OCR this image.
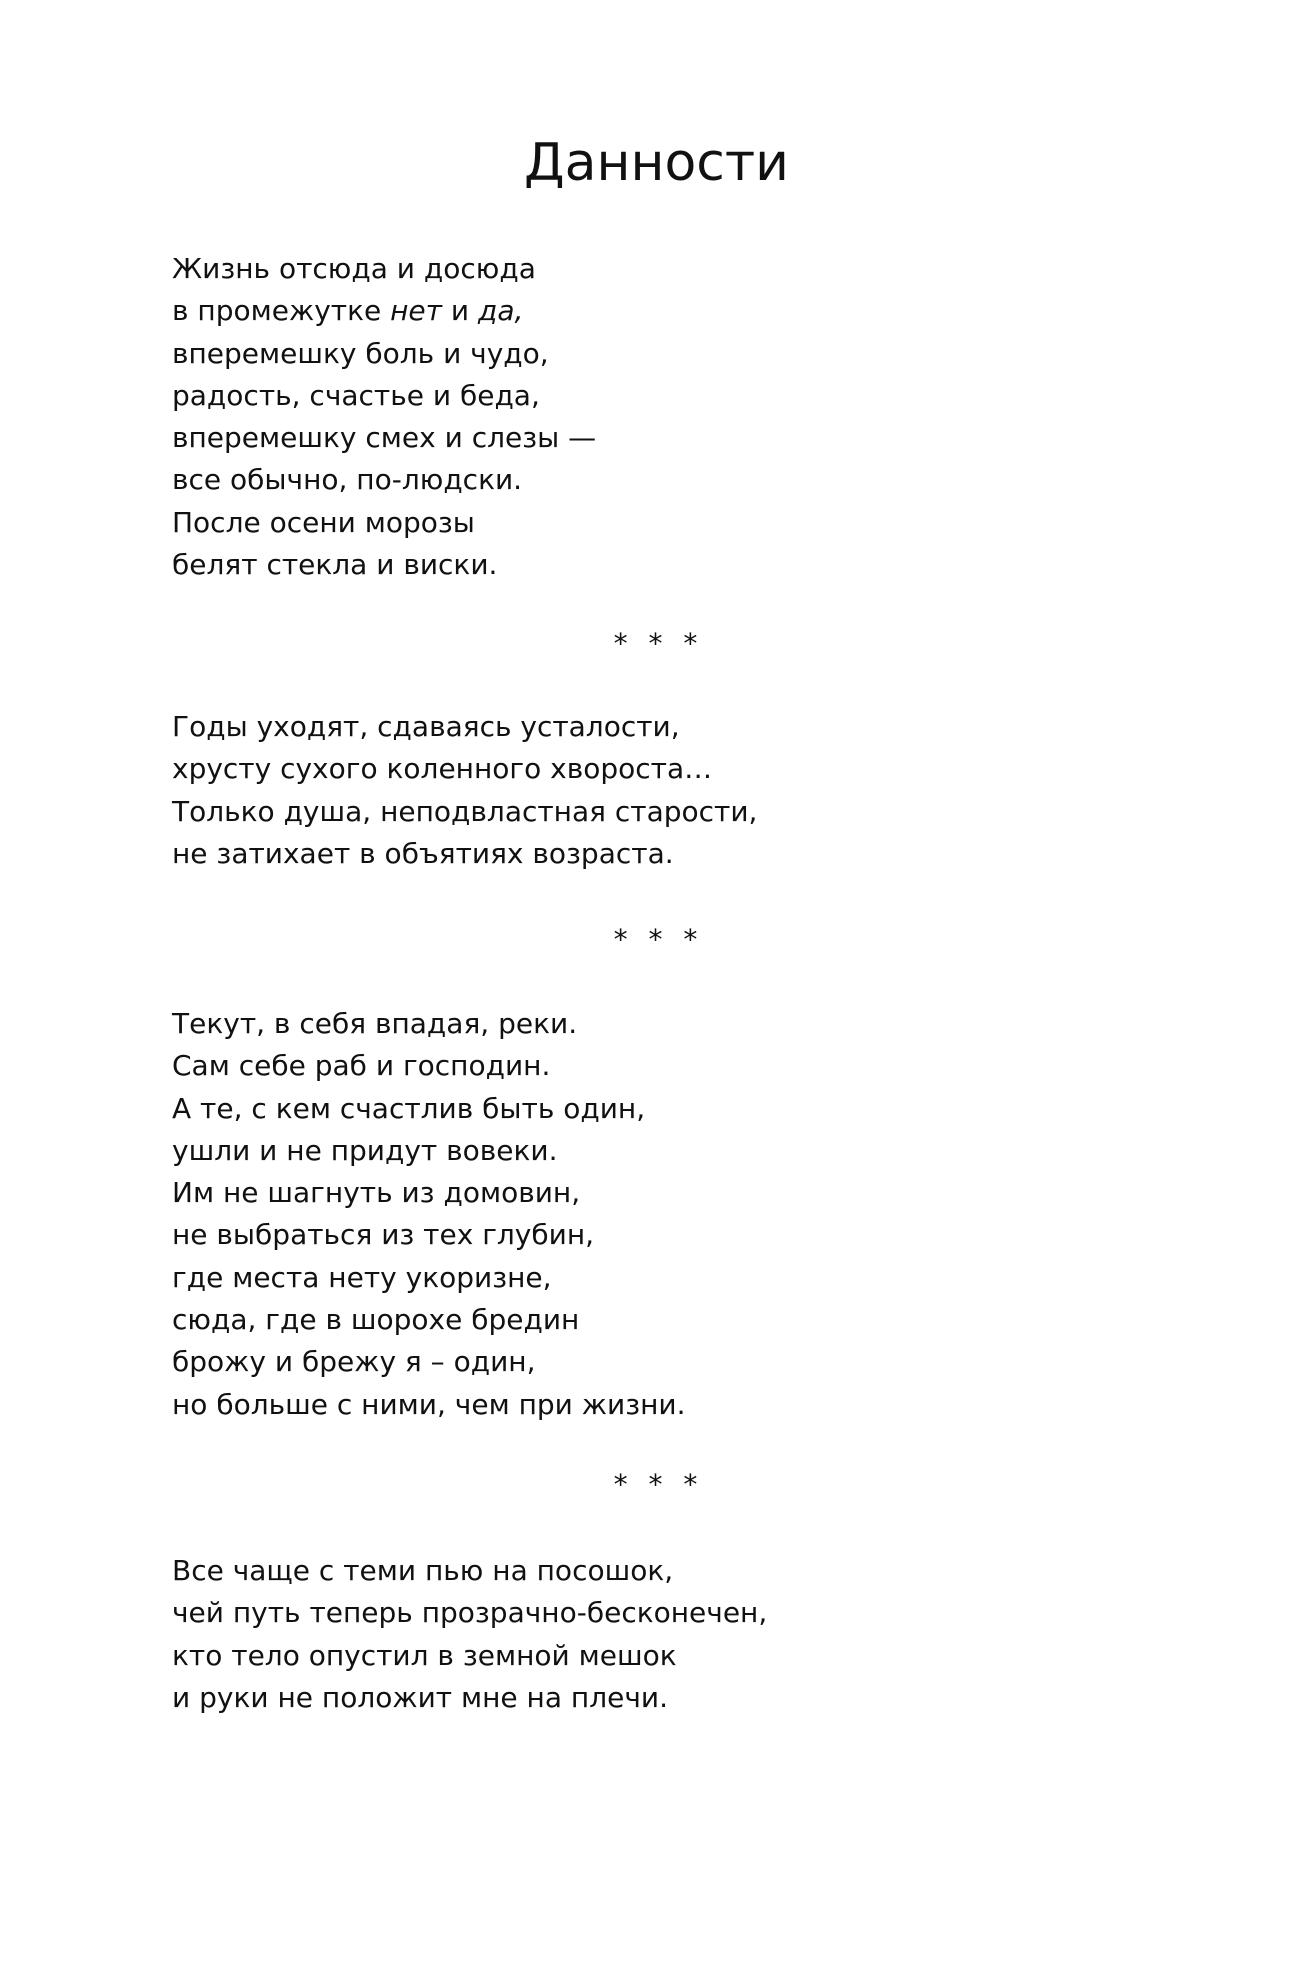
Данности
Жизнь отсюда и досюда
в промежутке нет и да,
вперемешку боль и чудо,
радость, счастье и беда,
вперемешку смех и слезы —
все обычно, по-людски.
После осени морозы
белят стекла и виски.
* * *
Годы уходят, сдаваясь усталости,
хрусту сухого коленного хвороста…
Только душа, неподвластная старости,
не затихает в объятиях возраста.
* * *
Текут, в себя впадая, реки.
Сам себе раб и господин.
А те, с кем счастлив быть один,
ушли и не придут вовеки.
Им не шагнуть из домовин,
не выбраться из тех глубин,
где места нету укоризне,
сюда, где в шорохе бредин
брожу и брежу я – один,
но больше с ними, чем при жизни.
* * *
Все чаще с теми пью на посошок,
чей путь теперь прозрачно-бесконечен,
кто тело опустил в земной мешок
и руки не положит мне на плечи.
